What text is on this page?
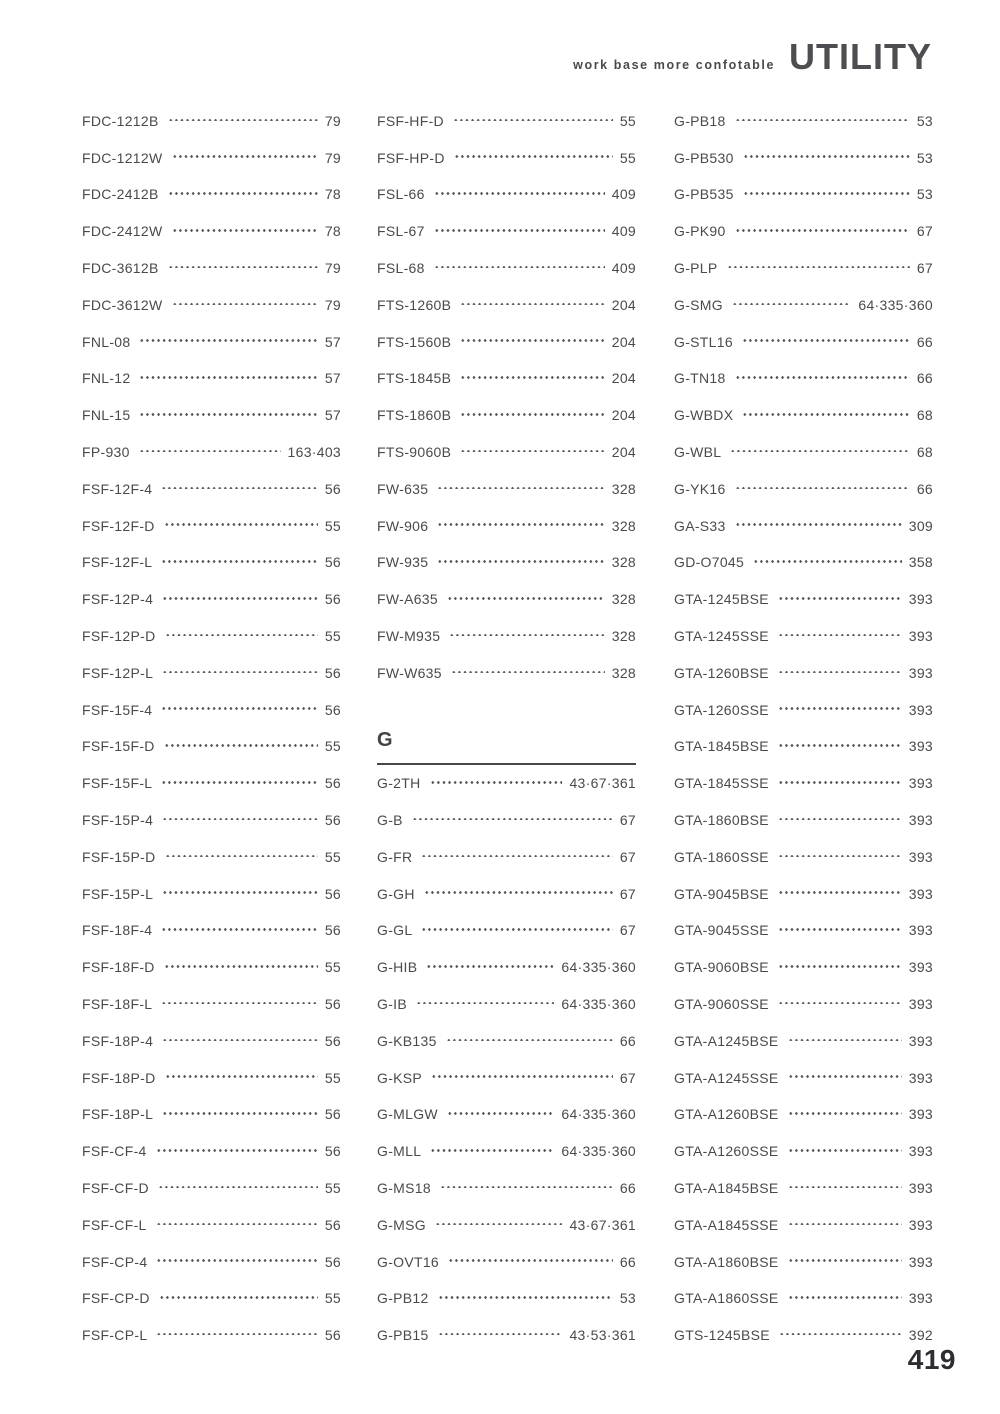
work base more confotable UTILITY
FDC-1212B	79
FDC-1212W	79
FDC-2412B	78
FDC-2412W	78
FDC-3612B	79
FDC-3612W	79
FNL-08	57
FNL-12	57
FNL-15	57
FP-930	163·403
FSF-12F-4	56
FSF-12F-D	55
FSF-12F-L	56
FSF-12P-4	56
FSF-12P-D	55
FSF-12P-L	56
FSF-15F-4	56
FSF-15F-D	55
FSF-15F-L	56
FSF-15P-4	56
FSF-15P-D	55
FSF-15P-L	56
FSF-18F-4	56
FSF-18F-D	55
FSF-18F-L	56
FSF-18P-4	56
FSF-18P-D	55
FSF-18P-L	56
FSF-CF-4	56
FSF-CF-D	55
FSF-CF-L	56
FSF-CP-4	56
FSF-CP-D	55
FSF-CP-L	56
FSF-HF-D	55
FSF-HP-D	55
FSL-66	409
FSL-67	409
FSL-68	409
FTS-1260B	204
FTS-1560B	204
FTS-1845B	204
FTS-1860B	204
FTS-9060B	204
FW-635	328
FW-906	328
FW-935	328
FW-A635	328
FW-M935	328
FW-W635	328
G
G-2TH	43·67·361
G-B	67
G-FR	67
G-GH	67
G-GL	67
G-HIB	64·335·360
G-IB	64·335·360
G-KB135	66
G-KSP	67
G-MLGW	64·335·360
G-MLL	64·335·360
G-MS18	66
G-MSG	43·67·361
G-OVT16	66
G-PB12	53
G-PB15	43·53·361
G-PB18	53
G-PB530	53
G-PB535	53
G-PK90	67
G-PLP	67
G-SMG	64·335·360
G-STL16	66
G-TN18	66
G-WBDX	68
G-WBL	68
G-YK16	66
GA-S33	309
GD-O7045	358
GTA-1245BSE	393
GTA-1245SSE	393
GTA-1260BSE	393
GTA-1260SSE	393
GTA-1845BSE	393
GTA-1845SSE	393
GTA-1860BSE	393
GTA-1860SSE	393
GTA-9045BSE	393
GTA-9045SSE	393
GTA-9060BSE	393
GTA-9060SSE	393
GTA-A1245BSE	393
GTA-A1245SSE	393
GTA-A1260BSE	393
GTA-A1260SSE	393
GTA-A1845BSE	393
GTA-A1845SSE	393
GTA-A1860BSE	393
GTA-A1860SSE	393
GTS-1245BSE	392
419
